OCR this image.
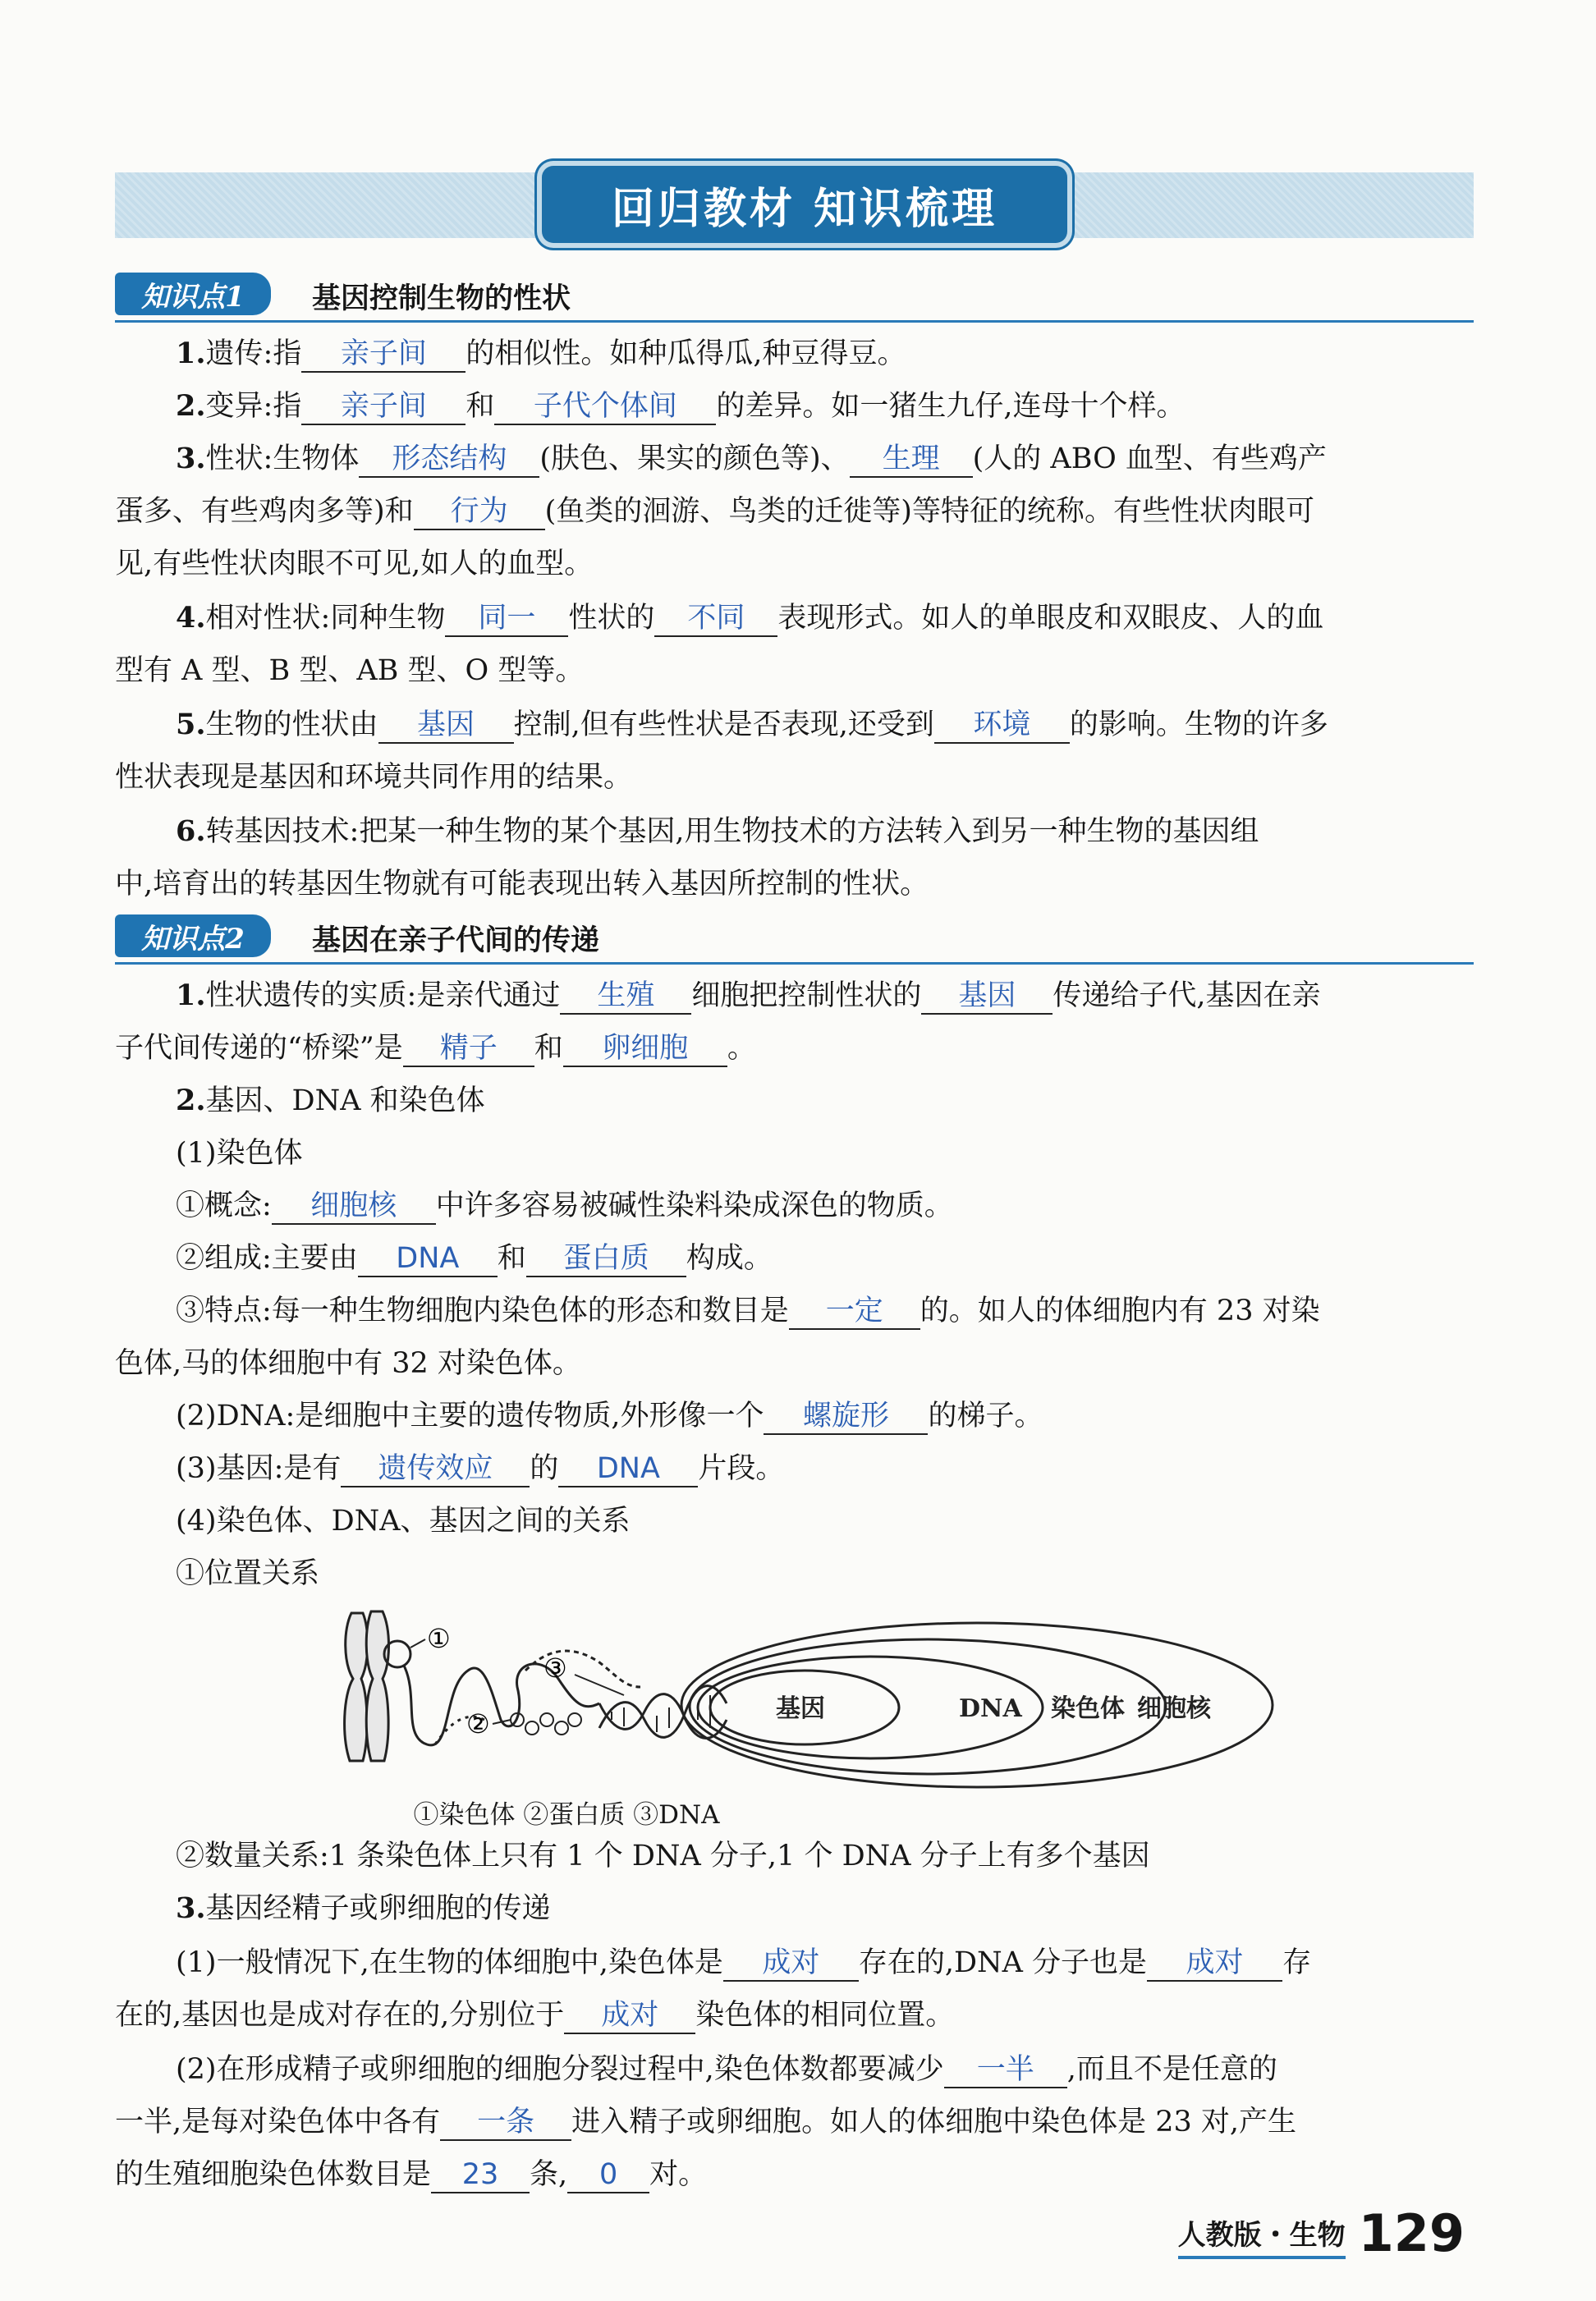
回归教材 知识梳理
知识点1	基因控制生物的性状
1.遗传:指 亲子间 的相似性。如种瓜得瓜,种豆得豆。
2.变异:指 亲子间 和 子代个体间 的差异。如一猪生九仔,连母十个样。
3.性状:生物体 形态结构 (肤色、果实的颜色等)、 生理 (人的 ABO 血型、有些鸡产
蛋多、有些鸡肉多等)和 行为 (鱼类的洄游、鸟类的迁徙等)等特征的统称。有些性状肉眼可
见,有些性状肉眼不可见,如人的血型。
4.相对性状:同种生物 同一 性状的 不同 表现形式。如人的单眼皮和双眼皮、人的血
型有 A 型、B 型、AB 型、O 型等。
5.生物的性状由 基因 控制,但有些性状是否表现,还受到 环境 的影响。生物的许多
性状表现是基因和环境共同作用的结果。
6.转基因技术:把某一种生物的某个基因,用生物技术的方法转入到另一种生物的基因组
中,培育出的转基因生物就有可能表现出转入基因所控制的性状。
知识点2	基因在亲子代间的传递
1.性状遗传的实质:是亲代通过 生殖 细胞把控制性状的 基因 传递给子代,基因在亲
子代间传递的“桥梁”是 精子 和 卵细胞 。
2.基因、DNA 和染色体
(1)染色体
①概念: 细胞核 中许多容易被碱性染料染成深色的物质。
②组成:主要由 DNA 和 蛋白质 构成。
③特点:每一种生物细胞内染色体的形态和数目是 一定 的。如人的体细胞内有 23 对染
色体,马的体细胞中有 32 对染色体。
(2)DNA:是细胞中主要的遗传物质,外形像一个 螺旋形 的梯子。
(3)基因:是有 遗传效应 的 DNA 片段。
(4)染色体、DNA、基因之间的关系
①位置关系
①
②
③
基因	DNA 染色体 细胞核
①染色体 ②蛋白质 ③DNA
②数量关系:1 条染色体上只有 1 个 DNA 分子,1 个 DNA 分子上有多个基因
3.基因经精子或卵细胞的传递
(1)一般情况下,在生物的体细胞中,染色体是 成对 存在的,DNA 分子也是 成对 存
在的,基因也是成对存在的,分别位于 成对 染色体的相同位置。
(2)在形成精子或卵细胞的细胞分裂过程中,染色体数都要减少 一半 ,而且不是任意的
一半,是每对染色体中各有 一条 进入精子或卵细胞。如人的体细胞中染色体是 23 对,产生
的生殖细胞染色体数目是 23 条, 0 对。
人教版・生物 129
